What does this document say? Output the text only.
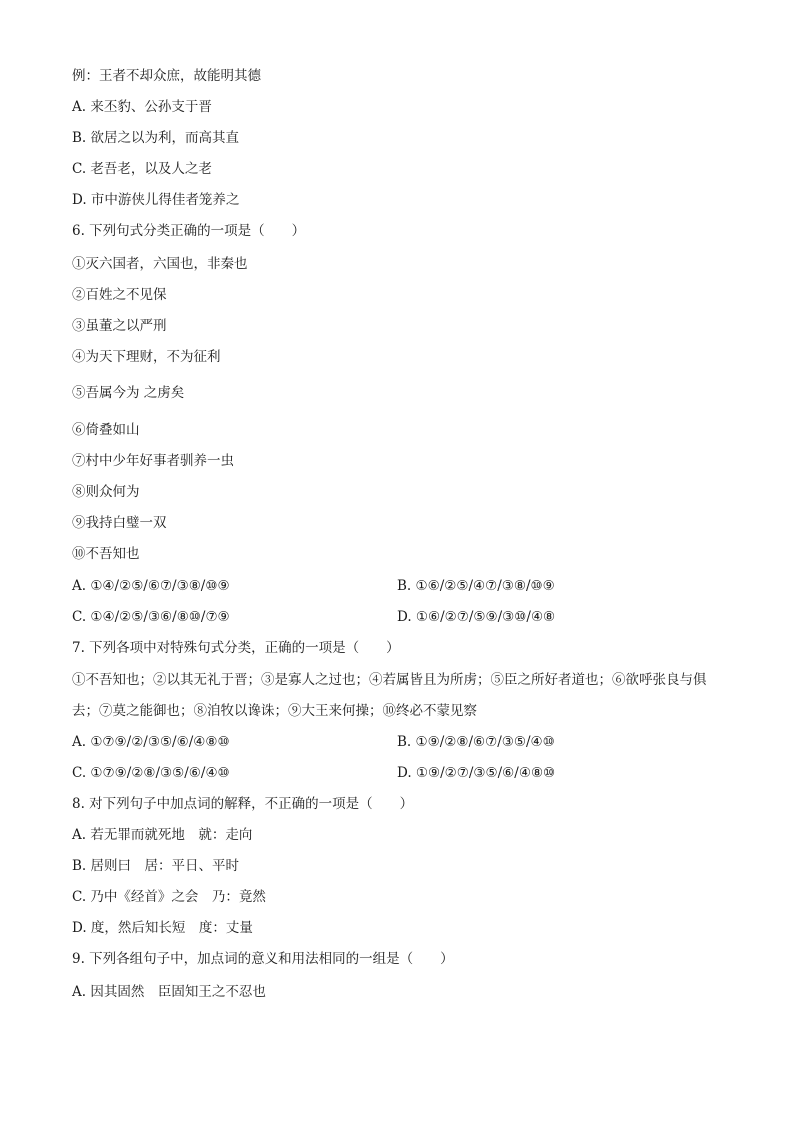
例：王者不却众庶，故能明其德
A. 来丕豹、公孙支于晋
B. 欲居之以为利，而高其直
C. 老吾老，以及人之老
D. 市中游侠儿得佳者笼养之
6. 下列句式分类正确的一项是（　　）
①灭六国者，六国也，非秦也
②百姓之不见保
③虽董之以严刑
④为天下理财，不为征利
⑤吾属今为 之虏矣
⑥倚叠如山
⑦村中少年好事者驯养一虫
⑧则众何为
⑨我持白璧一双
⑩不吾知也
A. ①④/②⑤/⑥⑦/③⑧/⑩⑨	B. ①⑥/②⑤/④⑦/③⑧/⑩⑨
C. ①④/②⑤/③⑥/⑧⑩/⑦⑨	D. ①⑥/②⑦/⑤⑨/③⑩/④⑧
7. 下列各项中对特殊句式分类，正确的一项是（　　）
①不吾知也；②以其无礼于晋；③是寡人之过也；④若属皆且为所虏；⑤臣之所好者道也；⑥欲呼张良与俱去；⑦莫之能御也；⑧洎牧以谗诛；⑨大王来何操；⑩终必不蒙见察
A. ①⑦⑨/②/③⑤/⑥/④⑧⑩	B. ①⑨/②⑧/⑥⑦/③⑤/④⑩
C. ①⑦⑨/②⑧/③⑤/⑥/④⑩	D. ①⑨/②⑦/③⑤/⑥/④⑧⑩
8. 对下列句子中加点词的解释，不正确的一项是（　　）
A. 若无罪而就死地　就：走向
B. 居则曰　居：平日、平时
C. 乃中《经首》之会　乃：竟然
D. 度，然后知长短　度：丈量
9. 下列各组句子中，加点词的意义和用法相同的一组是（　　）
A. 因其固然　臣固知王之不忍也
